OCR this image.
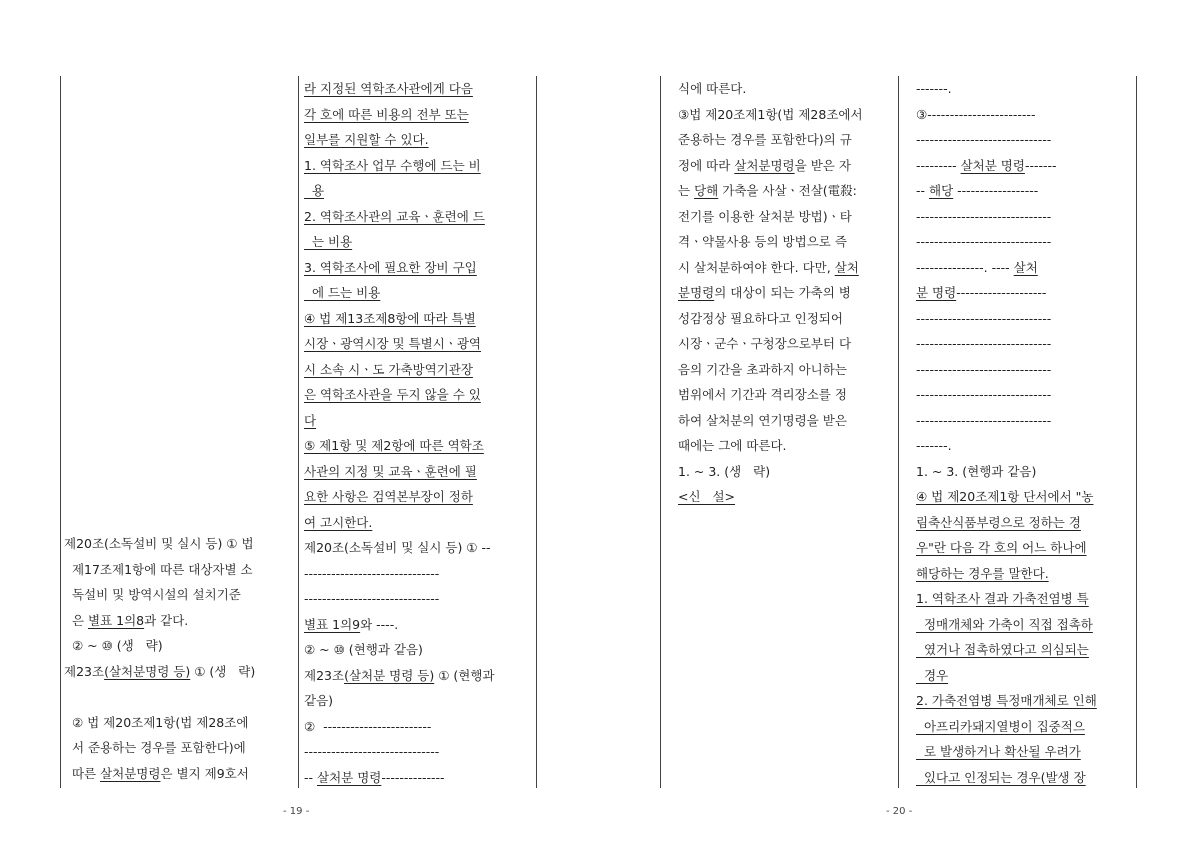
제20조(소독설비 및 실시 등) ① 법
제17조제1항에 따른 대상자별 소
독설비 및 방역시설의 설치기준
은 별표 1의8과 같다.
② ~ ⑩ (생   략)
제23조(살처분명령 등) ① (생   략)

② 법 제20조제1항(법 제28조에
서 준용하는 경우를 포함한다)에
따른 살처분명령은 별지 제9호서
라 지정된 역학조사관에게 다음
각 호에 따른 비용의 전부 또는
일부를 지원할 수 있다.
1. 역학조사 업무 수행에 드는 비
용
2. 역학조사관의 교육ㆍ훈련에 드
는 비용
3. 역학조사에 필요한 장비 구입
에 드는 비용
④ 법 제13조제8항에 따라 특별
시장ㆍ광역시장 및 특별시ㆍ광역
시 소속 시ㆍ도 가축방역기관장
은 역학조사관을 두지 않을 수 있
다
⑤ 제1항 및 제2항에 따른 역학조
사관의 지정 및 교육ㆍ훈련에 필
요한 사항은 검역본부장이 정하
여 고시한다.
제20조(소독설비 및 실시 등) ① --
------------------------------
------------------------------
별표 1의9와 ----.
② ~ ⑩ (현행과 같음)
제23조(살처분 명령 등) ① (현행과
같음)
②  ------------------------
------------------------------
-- 살처분 명령--------------
- 19 -
식에 따른다.
③법 제20조제1항(법 제28조에서
준용하는 경우를 포함한다)의 규
정에 따라 살처분명령을 받은 자
는 당해 가축을 사살ㆍ전살(電殺:
전기를 이용한 살처분 방법)ㆍ타
격ㆍ약물사용 등의 방법으로 즉
시 살처분하여야 한다. 다만, 살처
분명령의 대상이 되는 가축의 병
성감정상 필요하다고 인정되어
시장ㆍ군수ㆍ구청장으로부터 다
음의 기간을 초과하지 아니하는
범위에서 기간과 격리장소를 정
하여 살처분의 연기명령을 받은
때에는 그에 따른다.
1. ~ 3. (생   략)
<신   설>
-------.
③------------------------
------------------------------
--------- 살처분 명령-------
-- 해당 ------------------
------------------------------
------------------------------
---------------. ---- 살처
분 명령--------------------
------------------------------
------------------------------
------------------------------
------------------------------
------------------------------
-------.
1. ~ 3. (현행과 같음)
④ 법 제20조제1항 단서에서 "농
림축산식품부령으로 정하는 경
우"란 다음 각 호의 어느 하나에
해당하는 경우를 말한다.
1. 역학조사 결과 가축전염병 특
정매개체와 가축이 직접 접촉하
였거나 접촉하였다고 의심되는
경우
2. 가축전염병 특정매개체로 인해
아프리카돼지열병이 집중적으
로 발생하거나 확산될 우려가
있다고 인정되는 경우(발생 장
- 20 -
